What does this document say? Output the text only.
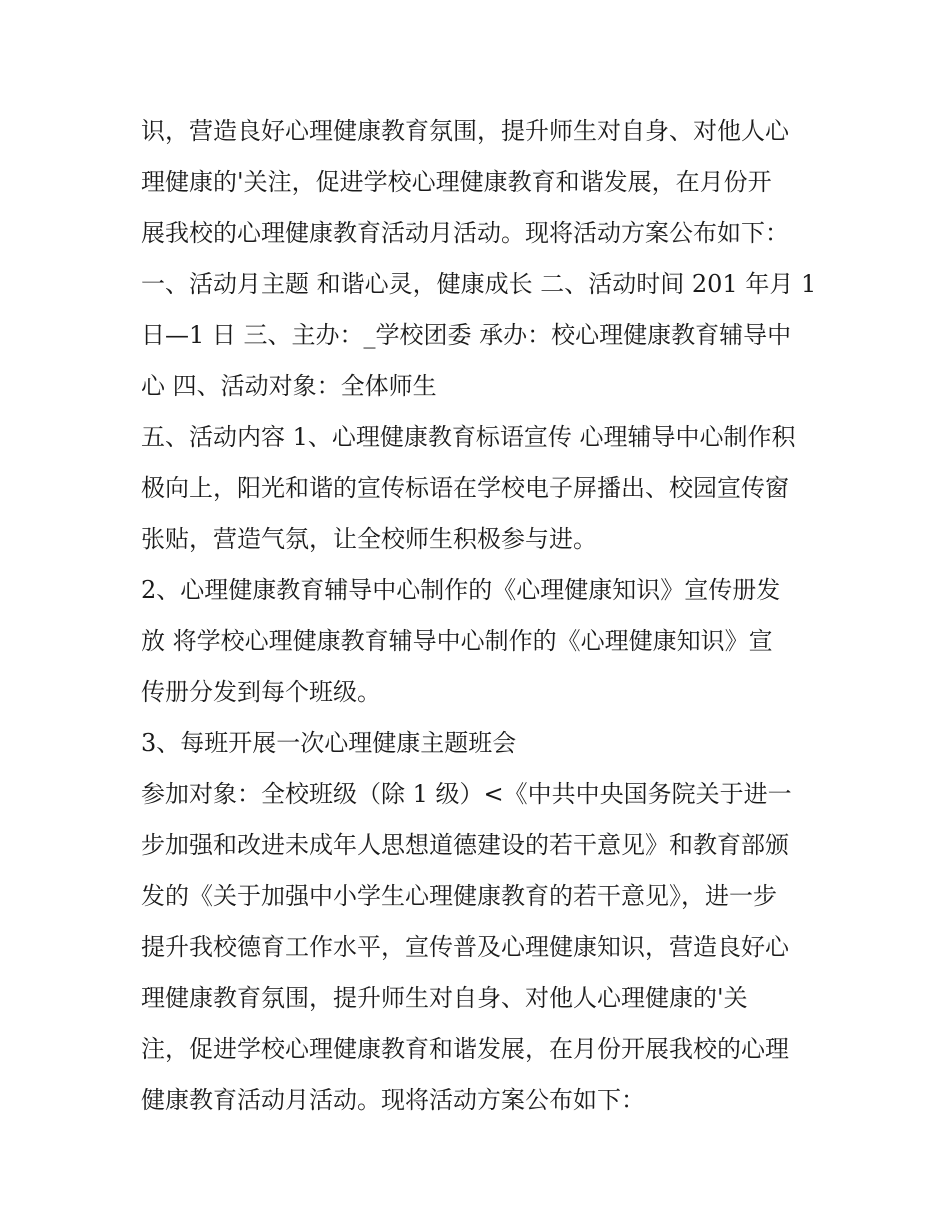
识，营造良好心理健康教育氛围，提升师生对自身、对他人心
理健康的'关注，促进学校心理健康教育和谐发展，在月份开
展我校的心理健康教育活动月活动。现将活动方案公布如下：
一、活动月主题 和谐心灵，健康成长 二、活动时间 201 年月 1
日—1 日 三、主办：_学校团委 承办：校心理健康教育辅导中
心 四、活动对象：全体师生
五、活动内容 1、心理健康教育标语宣传 心理辅导中心制作积
极向上，阳光和谐的宣传标语在学校电子屏播出、校园宣传窗
张贴，营造气氛，让全校师生积极参与进。
2、心理健康教育辅导中心制作的《心理健康知识》宣传册发
放 将学校心理健康教育辅导中心制作的《心理健康知识》宣
传册分发到每个班级。
3、每班开展一次心理健康主题班会
参加对象：全校班级（除 1 级）<《中共中央国务院关于进一
步加强和改进未成年人思想道德建设的若干意见》和教育部颁
发的《关于加强中小学生心理健康教育的若干意见》，进一步
提升我校德育工作水平，宣传普及心理健康知识，营造良好心
理健康教育氛围，提升师生对自身、对他人心理健康的'关
注，促进学校心理健康教育和谐发展，在月份开展我校的心理
健康教育活动月活动。现将活动方案公布如下：
